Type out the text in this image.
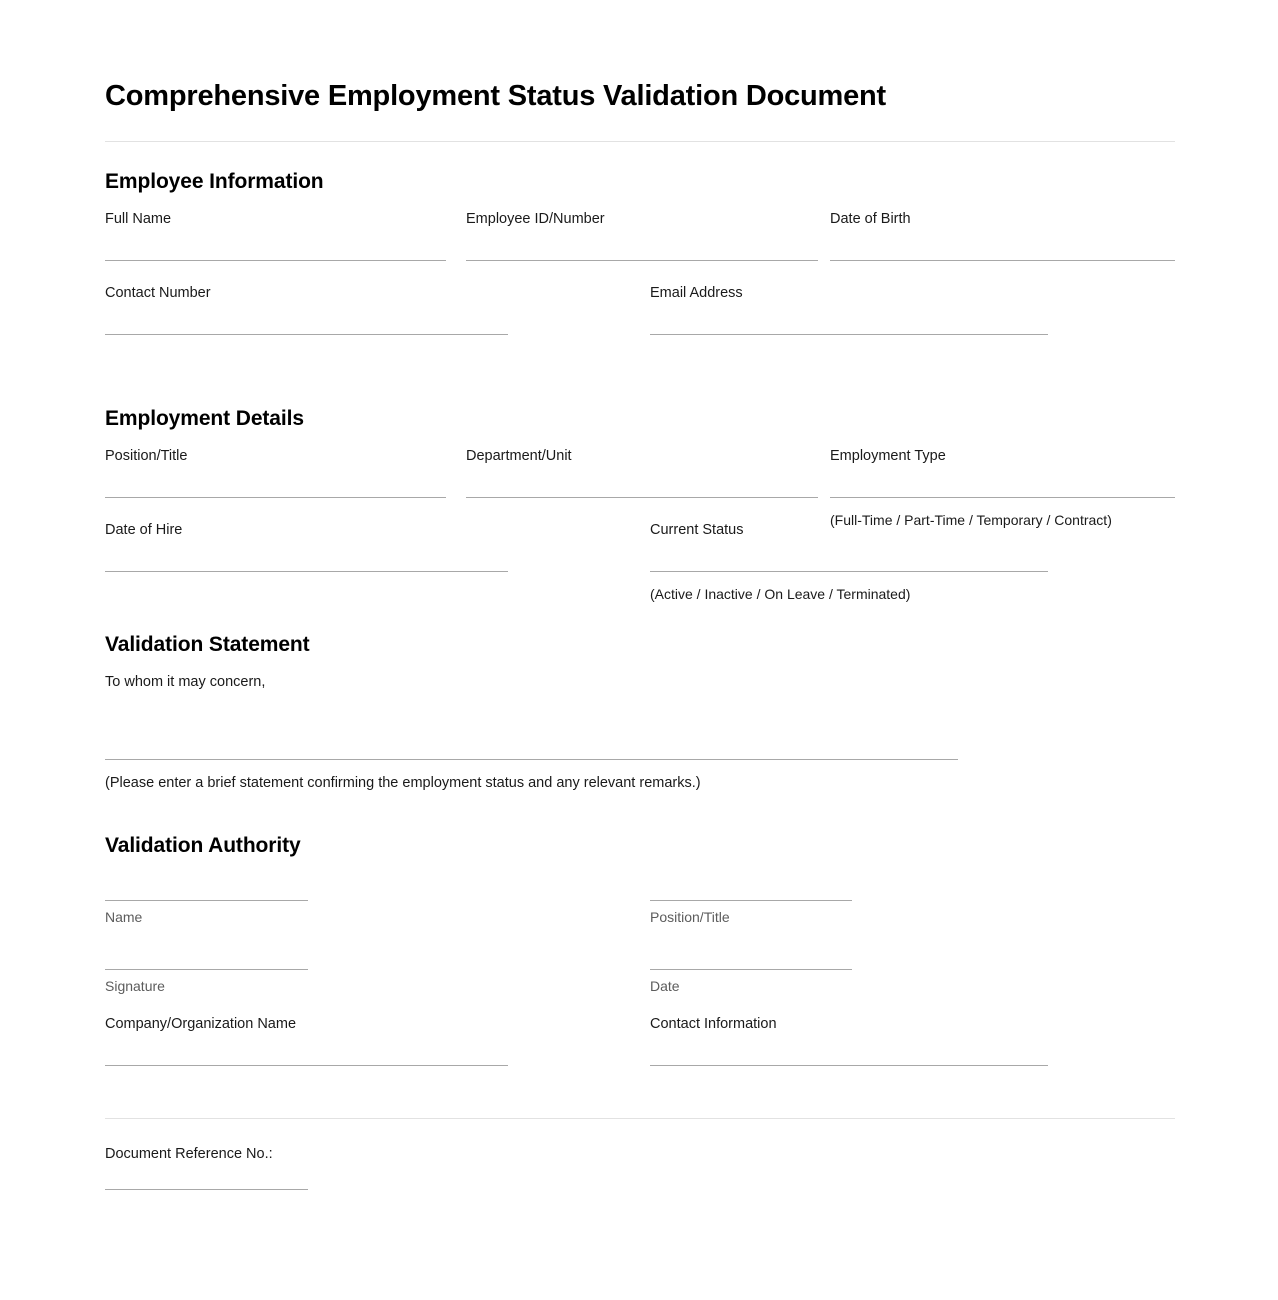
Comprehensive Employment Status Validation Document
Employee Information
Full Name	Employee ID/Number	Date of Birth
Contact Number	Email Address
Employment Details
Position/Title	Department/Unit	Employment Type
(Full-Time / Part-Time / Temporary / Contract)
Date of Hire	Current Status
(Active / Inactive / On Leave / Terminated)
Validation Statement
To whom it may concern,
(Please enter a brief statement confirming the employment status and any relevant remarks.)
Validation Authority
Name	Position/Title
Signature	Date
Company/Organization Name	Contact Information
Document Reference No.:
